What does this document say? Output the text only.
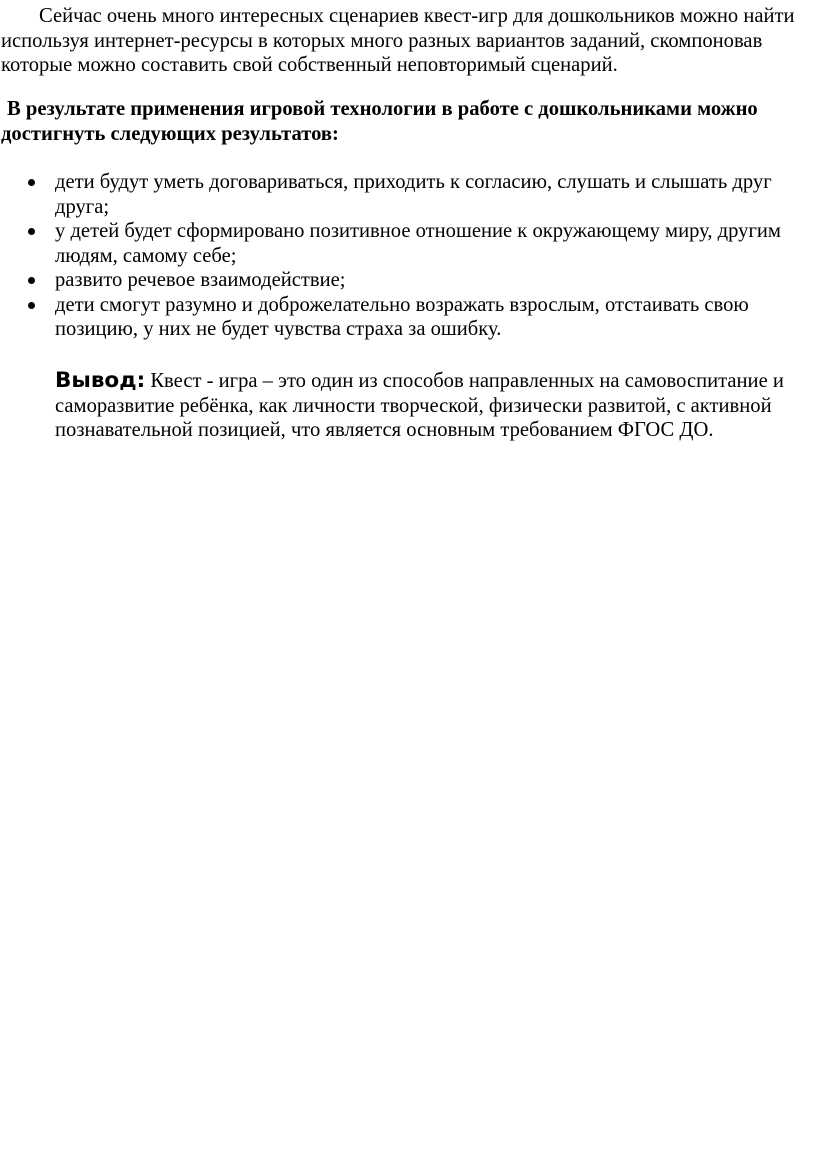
Сейчас очень много интересных сценариев квест-игр для дошкольников можно найти используя интернет-ресурсы в которых много разных вариантов заданий, скомпоновав которые можно составить свой собственный неповторимый сценарий.

В результате применения игровой технологии в работе с дошкольниками можно
достигнуть следующих результатов:

дети будут уметь договариваться, приходить к согласию, слушать и слышать друг друга;
у детей будет сформировано позитивное отношение к окружающему миру, другим людям, самому себе;
развито речевое взаимодействие;
дети смогут разумно и доброжелательно возражать взрослым, отстаивать свою позицию, у них не будет чувства страха за ошибку.

Вывод: Квест - игра – это один из способов направленных на самовоспитание и саморазвитие ребёнка, как личности творческой, физически развитой, с активной познавательной позицией, что является основным требованием ФГОС ДО.
